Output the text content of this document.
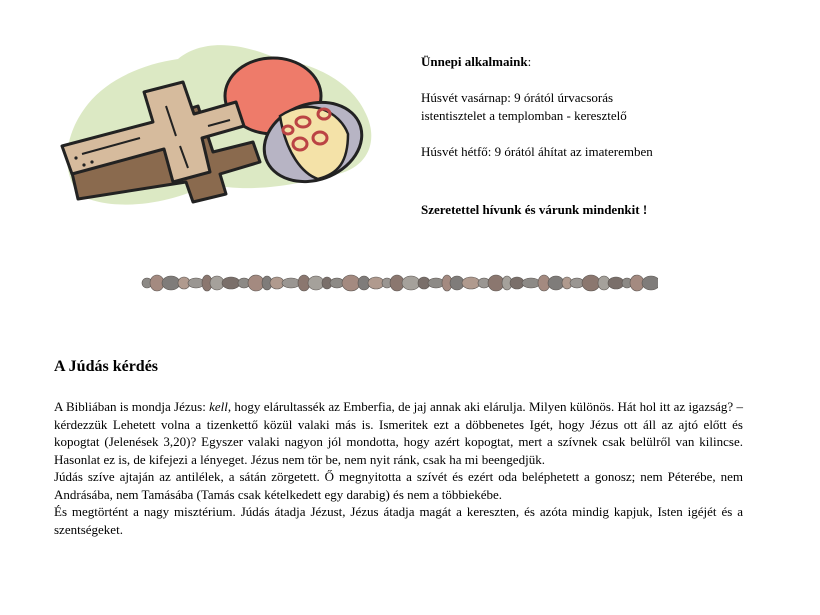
Ünnepi alkalmaink:

Húsvét vasárnap: 9 órától úrvacsorás

istentisztelet a templomban - keresztelő

Húsvét hétfő: 9 órától áhítat az imateremben

Szeretettel hívunk és várunk mindenkit !

A Júdás kérdés

A Bibliában is mondja Jézus: kell, hogy elárultassék az Emberfia, de jaj annak aki elárulja. Milyen különös. Hát hol itt az igazság? – kérdezzük Lehetett volna a tizenkettő közül valaki más is. Ismeritek ezt a döbbenetes Igét, hogy Jézus ott áll az ajtó előtt és kopogtat (Jelenések 3,20)? Egyszer valaki nagyon jól mondotta, hogy azért kopogtat, mert a szívnek csak belülről van kilincse. Hasonlat ez is, de kifejezi a lényeget. Jézus nem tör be, nem nyit ránk, csak ha mi beengedjük.

Júdás szíve ajtaján az antilélek, a sátán zörgetett. Ő megnyitotta a szívét és ezért oda beléphetett a gonosz; nem Péterébe, nem Andrásába, nem Tamásába (Tamás csak kételkedett egy darabig) és nem a többiekébe.

És megtörtént a nagy misztérium. Júdás átadja Jézust, Jézus átadja magát a kereszten, és azóta mindig kapjuk, Isten igéjét és a szentségeket.
